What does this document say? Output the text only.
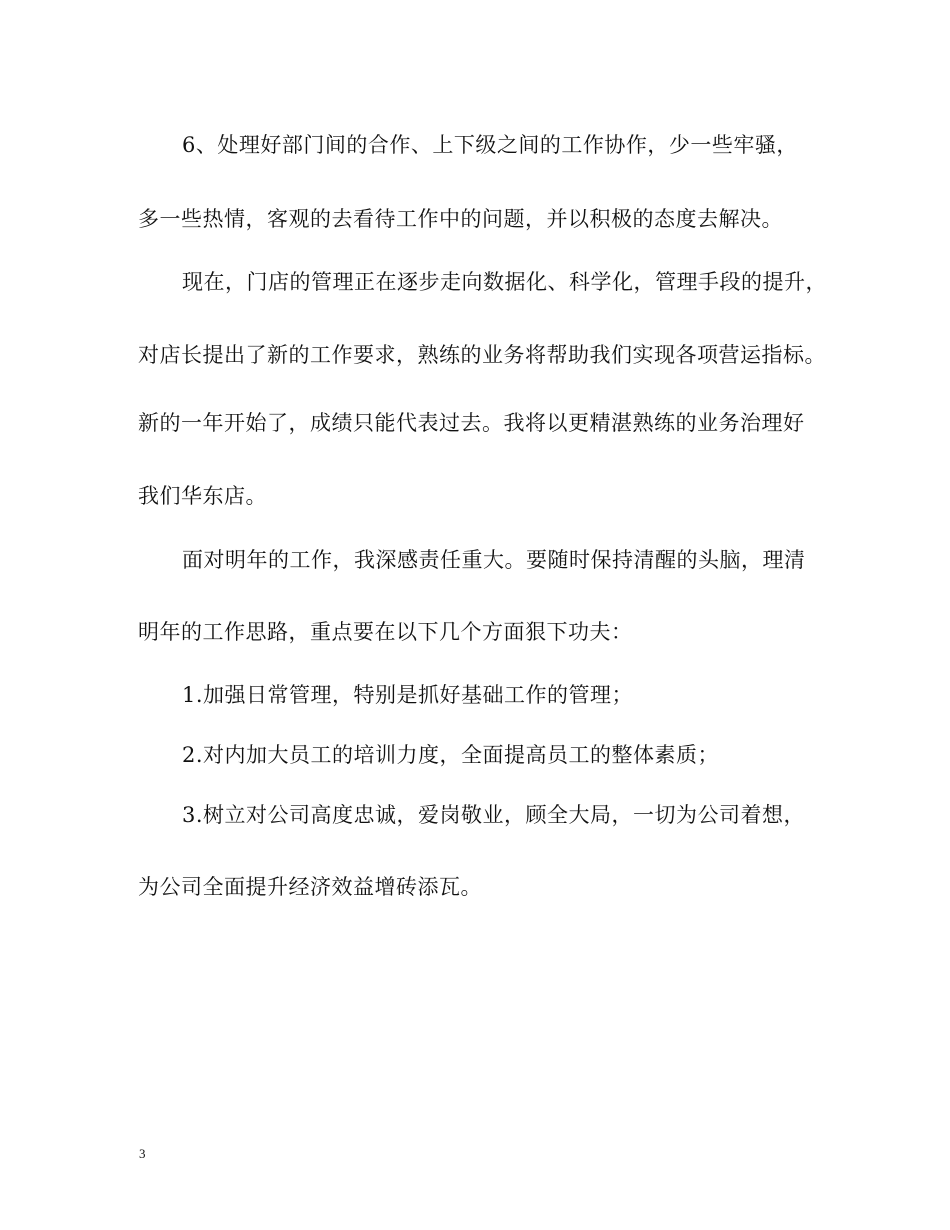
6、处理好部门间的合作、上下级之间的工作协作，少一些牢骚，
多一些热情，客观的去看待工作中的问题，并以积极的态度去解决。
现在，门店的管理正在逐步走向数据化、科学化，管理手段的提升，
对店长提出了新的工作要求，熟练的业务将帮助我们实现各项营运指标。
新的一年开始了，成绩只能代表过去。我将以更精湛熟练的业务治理好
我们华东店。
面对明年的工作，我深感责任重大。要随时保持清醒的头脑，理清
明年的工作思路，重点要在以下几个方面狠下功夫：
1.加强日常管理，特别是抓好基础工作的管理；
2.对内加大员工的培训力度，全面提高员工的整体素质；
3.树立对公司高度忠诚，爱岗敬业，顾全大局，一切为公司着想，
为公司全面提升经济效益增砖添瓦。
3
